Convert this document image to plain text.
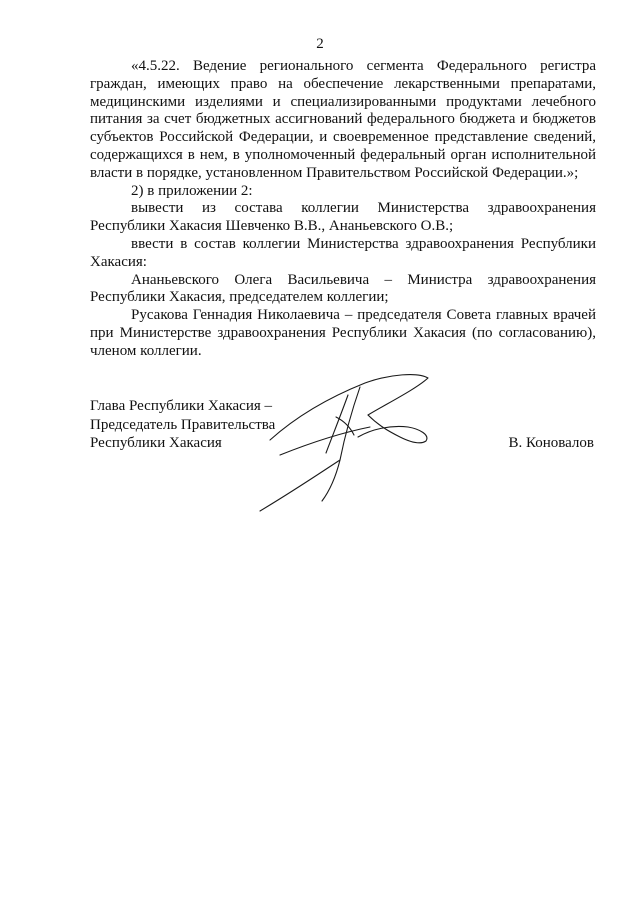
2

«4.5.22. Ведение регионального сегмента Федерального регистра граждан, имеющих право на обеспечение лекарственными препаратами, медицинскими изделиями и специализированными продуктами лечебного питания за счет бюджетных ассигнований федерального бюджета и бюджетов субъектов Российской Федерации, и своевременное представление сведений, содержащихся в нем, в уполномоченный федеральный орган исполнительной власти в порядке, установленном Правительством Российской Федерации.»;

2) в приложении 2:

вывести из состава коллегии Министерства здравоохранения Республики Хакасия Шевченко В.В., Ананьевского О.В.;

ввести в состав коллегии Министерства здравоохранения Республики Хакасия:

Ананьевского Олега Васильевича – Министра здравоохранения Республики Хакасия, председателем коллегии;

Русакова Геннадия Николаевича – председателя Совета главных врачей при Министерстве здравоохранения Республики Хакасия (по согласованию), членом коллегии.

Глава Республики Хакасия –
Председатель Правительства
Республики Хакасия	В. Коновалов
